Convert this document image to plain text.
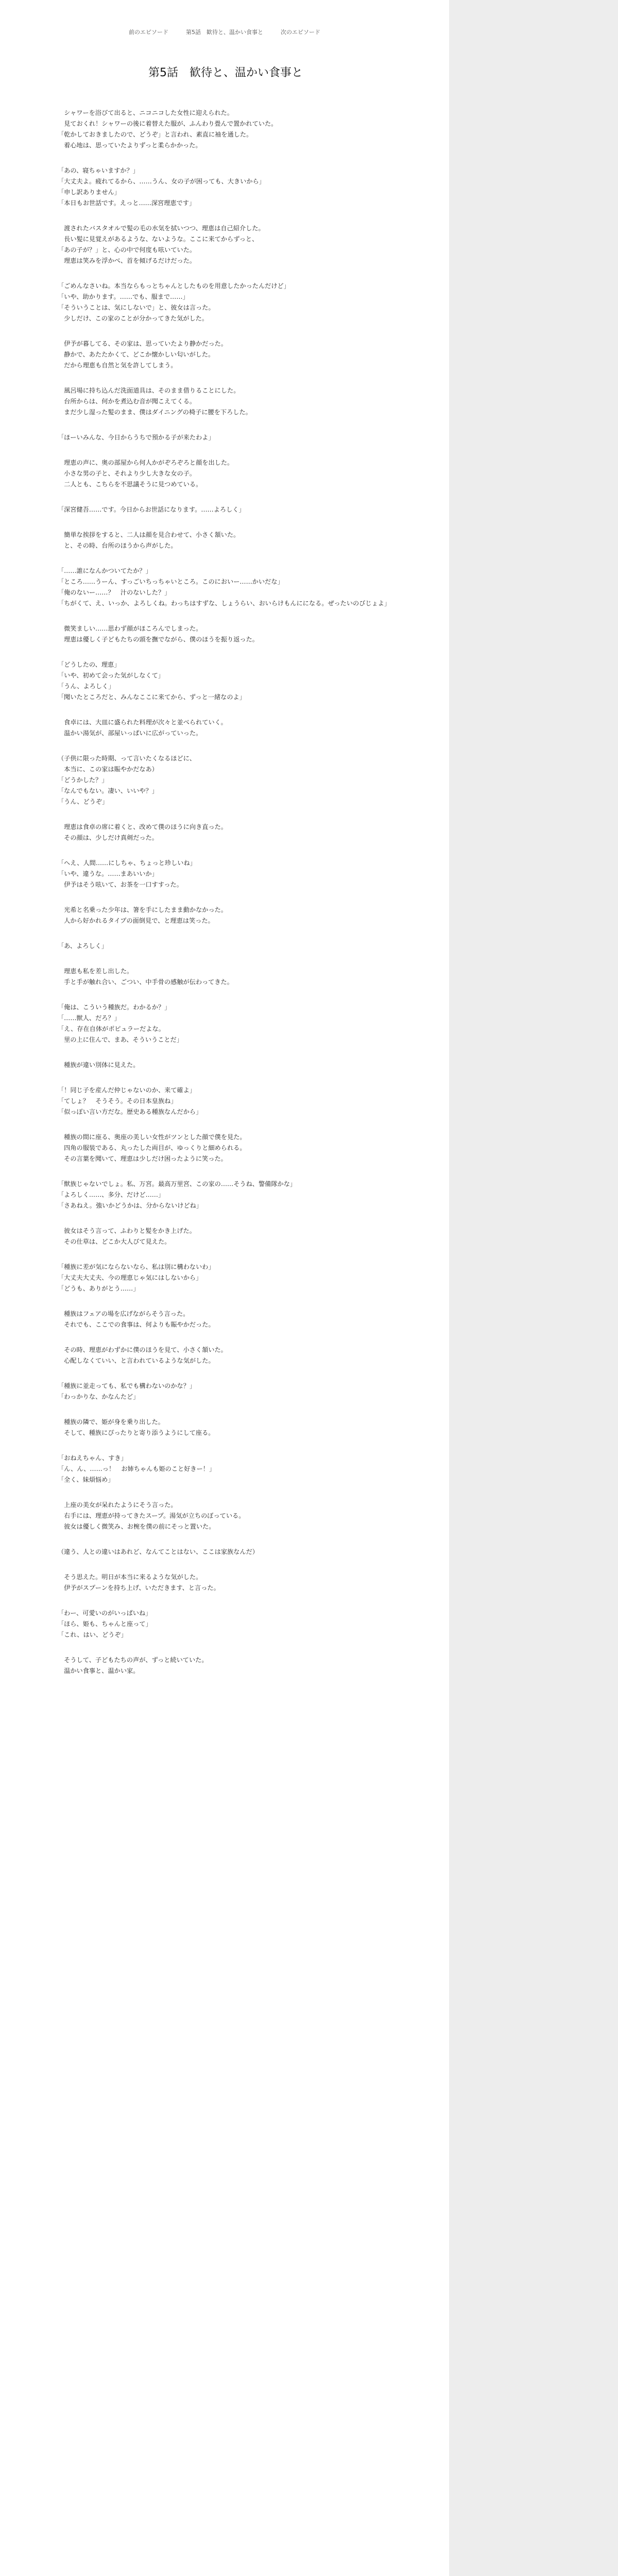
前のエピソード	第5話　歓待と、温かい食事と	次のエピソード
第5話　歓待と、温かい食事と
　シャワーを浴びて出ると、ニコニコした女性に迎えられた。
　見ておくれ！シャワーの後に着替えた服が、ふんわり畳んで置かれていた。
「乾かしておきましたので、どうぞ」と言われ、素直に袖を通した。
　着心地は、思っていたよりずっと柔らかかった。
「あの、寝ちゃいますか？」
「大丈夫よ。疲れてるから、……うん、女の子が困っても、大きいから」
「申し訳ありません」
「本日もお世話です。えっと……深宮理恵です」
　渡されたバスタオルで髪の毛の水気を拭いつつ、理恵は自己紹介した。
　長い髪に見覚えがあるような、ないような。ここに来てからずっと、
「あの子が？」と、心の中で何度も呟いていた。
　理恵は笑みを浮かべ、首を傾げるだけだった。
「ごめんなさいね。本当ならもっとちゃんとしたものを用意したかったんだけど」
「いや、助かります。……でも、服まで……」
「そういうことは、気にしないで」と、彼女は言った。
　少しだけ、この家のことが分かってきた気がした。
　伊予が暮してる、その家は、思っていたより静かだった。
　静かで、あたたかくて、どこか懐かしい匂いがした。
　だから理恵も自然と気を許してしまう。
　風呂場に持ち込んだ洗面道具は、そのまま借りることにした。
　台所からは、何かを煮込む音が聞こえてくる。
　まだ少し湿った髪のまま、僕はダイニングの椅子に腰を下ろした。
「ほーいみんな、今日からうちで預かる子が来たわよ」
　理恵の声に、奥の部屋から何人かがぞろぞろと顔を出した。
　小さな男の子と、それより少し大きな女の子。
　二人とも、こちらを不思議そうに見つめている。
「深宮健吾……です。今日からお世話になります。……よろしく」
　簡単な挨拶をすると、二人は顔を見合わせて、小さく頷いた。
　と、その時、台所のほうから声がした。
「……誰になんかついてたか？」
「ところ……うーん、すっごいちっちゃいところ。このにおいー……かいだな」
「俺のないー……？　汁のないした？」
「ちがくて、え、いっか、よろしくね。わっちはすずな、しょうらい、おいらけもんにになる。ぜったいのびじょよ」
　微笑ましい……思わず顔がほころんでしまった。
　理恵は優しく子どもたちの頭を撫でながら、僕のほうを振り返った。
「どうしたの、理恵」
「いや、初めて会った気がしなくて」
「うん、よろしく」
「聞いたところだと、みんなここに来てから、ずっと一緒なのよ」
　食卓には、大皿に盛られた料理が次々と並べられていく。
　温かい湯気が、部屋いっぱいに広がっていった。
（子供に限った時期、って言いたくなるほどに、
　本当に、この家は賑やかだなあ）
「どうかした？」
「なんでもない。凄い、いいや？」
「うん、どうぞ」
　理恵は食卓の席に着くと、改めて僕のほうに向き直った。
　その顔は、少しだけ真剣だった。
「へえ、人間……にしちゃ、ちょっと珍しいね」
「いや、違うな。……まあいいか」
　伊予はそう呟いて、お茶を一口すすった。
　光希と名乗った少年は、箸を手にしたまま動かなかった。
　人から好かれるタイプの面倒見で、と理恵は笑った。
「あ、よろしく」
　理恵も私を差し出した。
　手と手が触れ合い、ごつい、中手骨の感触が伝わってきた。
「俺は、こういう種族だ。わかるか？」
「……獣人、だろ？」
「え、存在自体がポピュラーだよな。
　里の上に住んで、まあ、そういうことだ」
　種族が違い別体に見えた。
「！同じ子を産んだ仲じゃないのか、来て確よ」
「てしょ？　そうそう。その日本皇族ね」
「似っぽい言い方だな。歴史ある種族なんだから」
　種族の間に座る、奥座の美しい女性がツンとした顔で僕を見た。
　四角の服装である、丸ったした両目が、ゆっくりと細められる。
　その言葉を聞いて、理恵は少しだけ困ったように笑った。
「獣族じゃないでしょ。私、万宮。最高万里宮、この家の……そうね、警備隊かな」
「よろしく……、多分、だけど……」
「さあねえ。強いかどうかは、分からないけどね」
　彼女はそう言って、ふわりと髪をかき上げた。
　その仕草は、どこか大人びて見えた。
「種族に差が気にならないなら、私は別に構わないわ」
「大丈夫大丈夫、今の理恵じゃ気にはしないから」
「どうも、ありがとう……」
　種族はフェアの場を広げながらそう言った。
　それでも、ここでの食事は、何よりも賑やかだった。
　その時、理恵がわずかに僕のほうを見て、小さく頷いた。
　心配しなくていい、と言われているような気がした。
「種族に並走っても、私でも構わないのかな？」
「わっかりな、かなんたど」
　種族の隣で、姫が身を乗り出した。
　そして、種族にぴったりと寄り添うようにして座る。
「おねえちゃん、すき」
「ん、ん、……っ！　お姉ちゃんも姫のこと好きー！」
「全く、妹煩悩め」
　上座の美女が呆れたようにそう言った。
　右手には、理恵が持ってきたスープ。湯気が立ちのぼっている。
　彼女は優しく微笑み、お椀を僕の前にそっと置いた。
（違う、人との違いはあれど、なんてことはない、ここは家族なんだ）
　そう思えた。明日が本当に来るような気がした。
　伊予がスプーンを持ち上げ、いただきます、と言った。
「わー、可愛いのがいっぱいね」
「ほら、姫も、ちゃんと座って」
「これ、はい、どうぞ」
　そうして、子どもたちの声が、ずっと続いていた。
　温かい食事と、温かい家。
